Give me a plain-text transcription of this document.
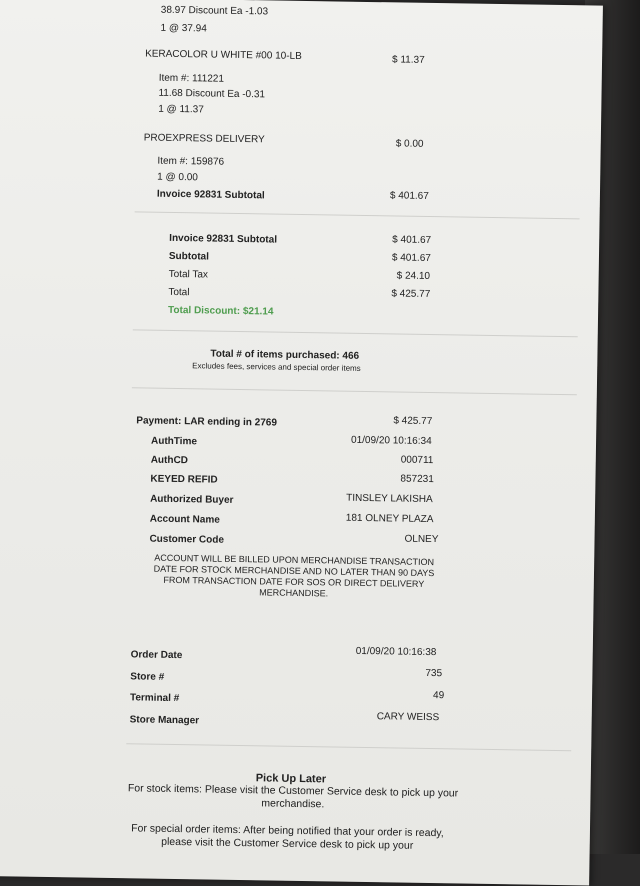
38.97 Discount Ea -1.03
1 @ 37.94
KERACOLOR U WHITE #00 10-LB	$ 11.37
Item #: 111221
11.68 Discount Ea -0.31
1 @ 11.37
PROEXPRESS DELIVERY	$ 0.00
Item #: 159876
1 @ 0.00
Invoice 92831 Subtotal	$ 401.67
Invoice 92831 Subtotal	$ 401.67
Subtotal	$ 401.67
Total Tax	$ 24.10
Total	$ 425.77
Total Discount: $21.14
Total # of items purchased: 466
Excludes fees, services and special order items
Payment: LAR ending in 2769	$ 425.77
AuthTime	01/09/20 10:16:34
AuthCD	000711
KEYED REFID	857231
Authorized Buyer	TINSLEY LAKISHA
Account Name	181 OLNEY PLAZA
Customer Code	OLNEY
ACCOUNT WILL BE BILLED UPON MERCHANDISE TRANSACTION DATE FOR STOCK MERCHANDISE AND NO LATER THAN 90 DAYS FROM TRANSACTION DATE FOR SOS OR DIRECT DELIVERY MERCHANDISE.
Order Date	01/09/20 10:16:38
Store #	735
Terminal #	49
Store Manager	CARY WEISS
Pick Up Later
For stock items: Please visit the Customer Service desk to pick up your merchandise.
For special order items: After being notified that your order is ready, please visit the Customer Service desk to pick up your
